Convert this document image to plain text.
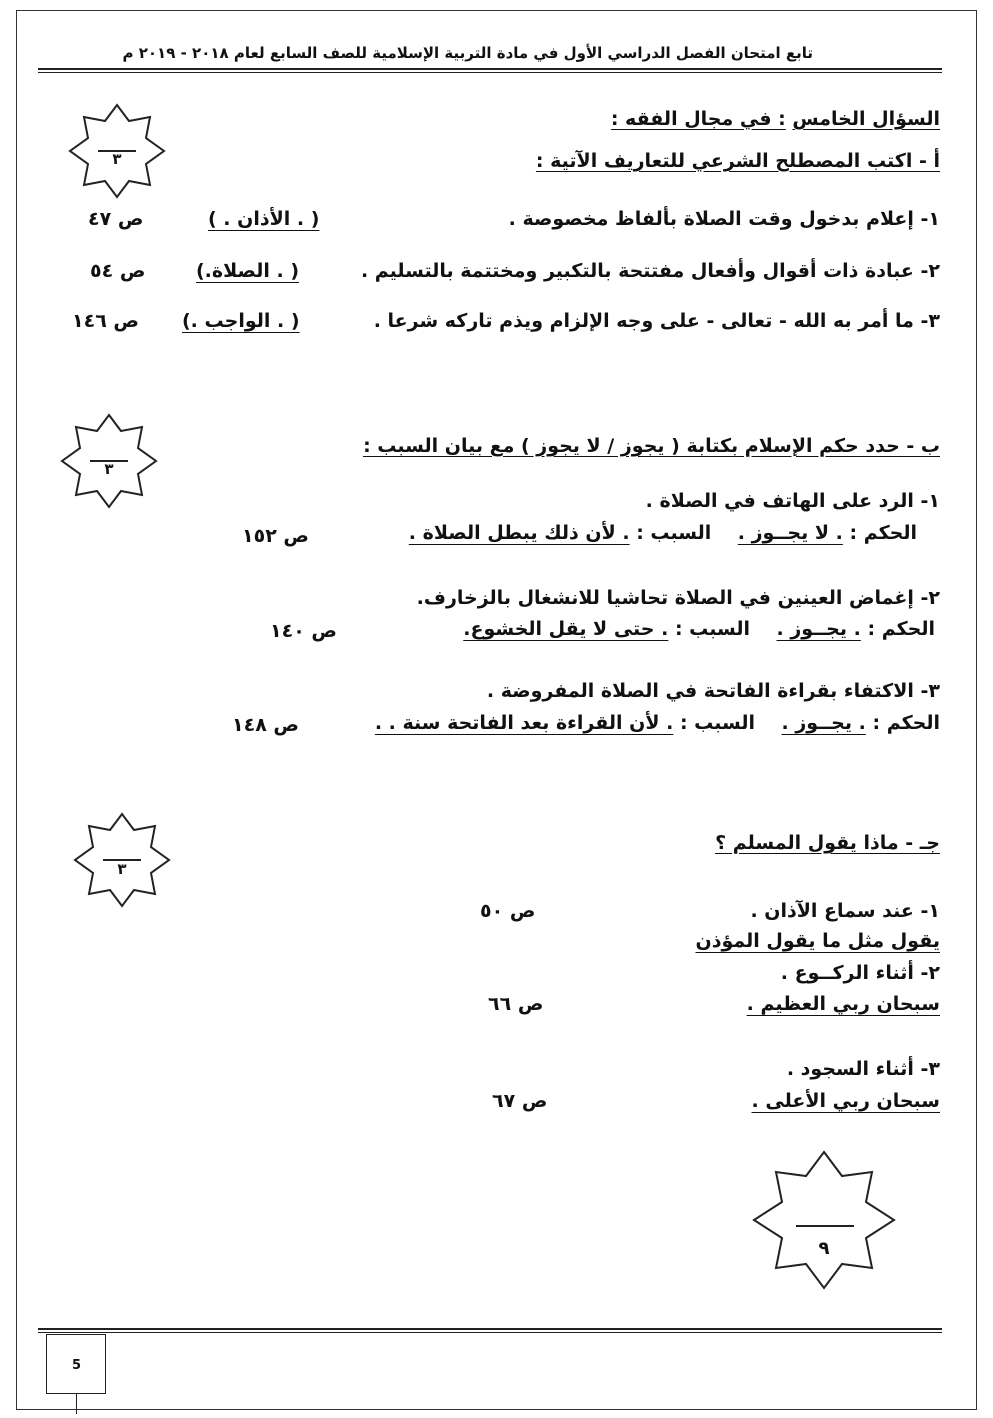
تابع امتحان الفصل الدراسي الأول في مادة التربية الإسلامية للصف السابع لعام ٢٠١٨ - ٢٠١٩ م
السؤال الخامس : في مجال الفقه :
أ - اكتب المصطلح الشرعي للتعاريف الآتية :
٣
١- إعلام بدخول وقت الصلاة بألفاظ مخصوصة .
( . الأذان . )
ص ٤٧
٢- عبادة ذات أقوال وأفعال مفتتحة بالتكبير ومختتمة بالتسليم .
( . الصلاة.)
ص ٥٤
٣- ما أمر به الله - تعالى - على وجه الإلزام ويذم تاركه شرعا .
( . الواجب .)
ص ١٤٦
٣
ب - حدد حكم الإسلام بكتابة ( يجوز / لا يجوز ) مع بيان السبب :
١- الرد على الهاتف في الصلاة .
الحكم : . لا يجــوز .    السبب : . لأن ذلك يبطل الصلاة .
ص ١٥٢
٢- إغماض العينين في الصلاة تحاشيا للانشغال بالزخارف.
الحكم : . يجــوز .    السبب : . حتى لا يقل الخشوع.
ص ١٤٠
٣- الاكتفاء بقراءة الفاتحة في الصلاة المفروضة .
الحكم : . يجــوز .    السبب : . لأن القراءة بعد الفاتحة سنة . .
ص ١٤٨
٣
جـ - ماذا يقول المسلم ؟
١- عند سماع الآذان .
ص ٥٠
يقول مثل ما يقول المؤذن
٢- أثناء الركــوع .
ص ٦٦	سبحان ربي العظيم .
٣- أثناء السجود .
ص ٦٧	سبحان ربي الأعلى .
٩
5
